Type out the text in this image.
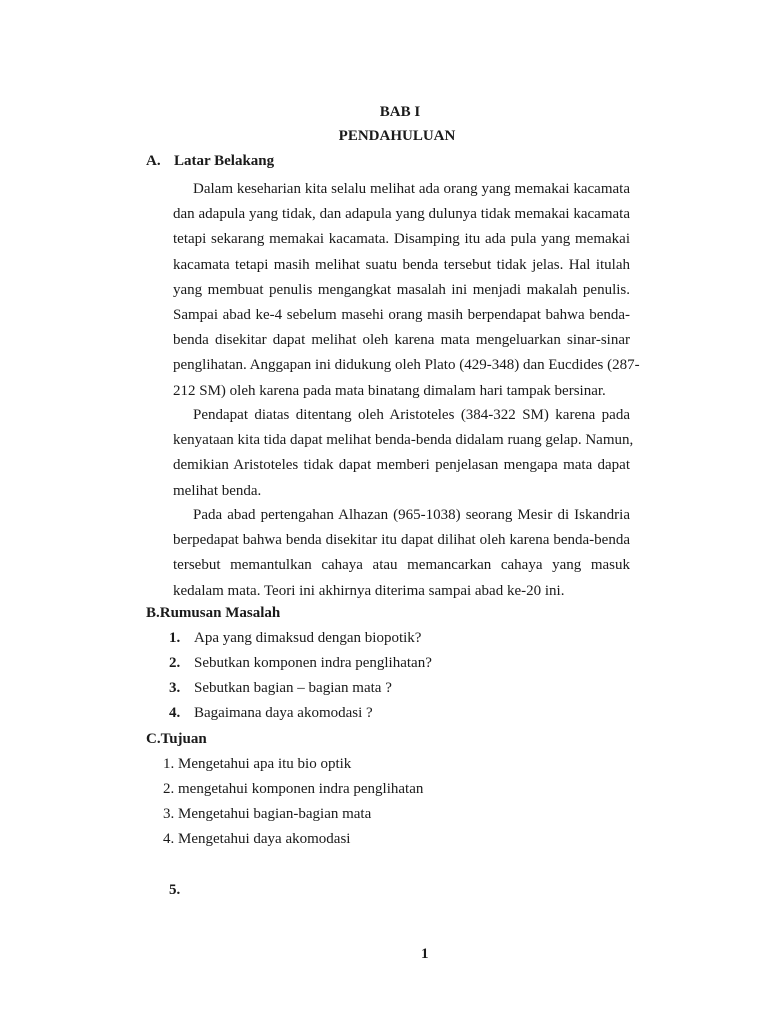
BAB I
PENDAHULUAN
A. Latar Belakang
Dalam keseharian kita selalu melihat ada orang yang memakai kacamata
dan adapula yang tidak, dan adapula yang dulunya tidak memakai kacamata
tetapi sekarang memakai kacamata. Disamping itu ada pula yang memakai
kacamata tetapi masih melihat suatu benda tersebut tidak jelas. Hal itulah
yang membuat penulis mengangkat masalah ini menjadi makalah penulis.
Sampai abad ke-4 sebelum masehi orang masih berpendapat bahwa benda-
benda disekitar dapat melihat oleh karena mata mengeluarkan sinar-sinar
penglihatan. Anggapan ini didukung oleh Plato (429-348) dan Eucdides (287-
212 SM) oleh karena pada mata binatang dimalam hari tampak bersinar.
Pendapat diatas ditentang oleh Aristoteles (384-322 SM) karena pada
kenyataan kita tida dapat melihat benda-benda didalam ruang gelap. Namun,
demikian Aristoteles tidak dapat memberi penjelasan mengapa mata dapat
melihat benda.
Pada abad pertengahan Alhazan (965-1038) seorang Mesir di Iskandria
berpedapat bahwa benda disekitar itu dapat dilihat oleh karena benda-benda
tersebut memantulkan cahaya atau memancarkan cahaya yang masuk
kedalam mata. Teori ini akhirnya diterima sampai abad ke-20 ini.
B.Rumusan Masalah
1. Apa yang dimaksud dengan biopotik?
2. Sebutkan komponen indra penglihatan?
3. Sebutkan bagian – bagian mata ?
4. Bagaimana daya akomodasi ?
C.Tujuan
1. Mengetahui apa itu bio optik
2. mengetahui komponen indra penglihatan
3. Mengetahui bagian-bagian mata
4. Mengetahui daya akomodasi
5.
1
